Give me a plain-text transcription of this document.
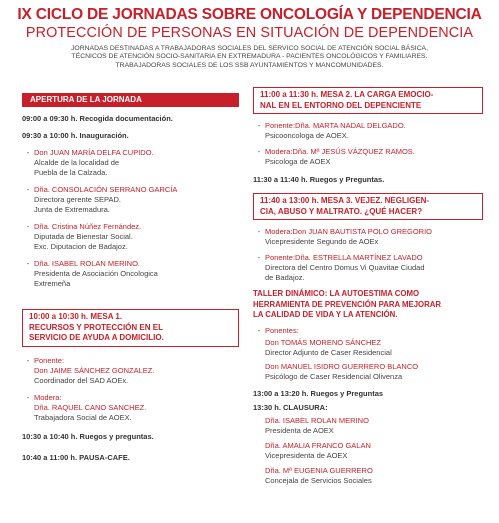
IX CICLO DE JORNADAS SOBRE ONCOLOGÍA Y DEPENDENCIA
PROTECCIÓN DE PERSONAS EN SITUACIÓN DE DEPENDENCIA
JORNADAS DESTINADAS A TRABAJADORAS SOCIALES DEL SERVICO SOCIAL DE ATENCIÓN SOCIAL BÁSICA,
TÉCNICOS DE ATENCIÓN SOCIO-SANITARIA EN EXTREMADURA - PACIENTES ONCOLÓGICOS Y FAMILIARES.
TRABAJADORAS SOCIALES DE LOS SSB AYUNTAMIENTOS Y MANCOMUNIDADES.
APERTURA DE LA JORNADA
09:00 a 09:30 h. Recogida documentación.
09:30 a 10:00 h. Inauguración.
- Don JUAN MARÍA DELFA CUPIDO.
Alcalde de la localidad de
Puebla de la Calzada.
- Dña. CONSOLACIÓN SERRANO GARCÍA
Directora gerente SEPAD.
Junta de Extremadura.
- Dña. Cristina Núñez Fernández.
Diputada de Bienestar Social.
Exc. Diputacion de Badajoz.
- Dña. ISABEL ROLAN MERINO.
Presidenta de Asociación Oncologica
Extremeña
10:00 a 10:30 h. MESA 1.
RECURSOS Y PROTECCIÓN EN EL
SERVICIO DE AYUDA A DOMICILIO.
- Ponente:
Don JAIME SÁNCHEZ GONZALEZ.
Coordinador del SAD AOEx.
- Modera:
Dña. RAQUEL CANO SANCHEZ.
Trabajadora Social de AOEX.
10:30 a 10:40 h. Ruegos y preguntas.
10:40 a 11:00 h. PAUSA-CAFE.
11:00 a 11:30 h. MESA 2. LA CARGA EMOCIO-
NAL EN EL ENTORNO DEL DEPENCIENTE
- Ponente: Dña. MARTA NADAL DELGADO.
Psicooncologa de AOEX.
- Modera: Dña. Mª JESÚS VÁZQUEZ RAMOS.
Psicologa de AOEX
11:30 a 11:40 h. Ruegos y Preguntas.
11:40 a 13:00 h. MESA 3. VEJEZ. NEGLIGEN-
CIA, ABUSO Y MALTRATO. ¿QUÉ HACER?
- Modera: Don JUAN BAUTISTA POLO GREGORIO
Vicepresidente Segundo de AOEx
- Ponente: Dña. ESTRELLA MARTÍNEZ LAVADO
Directora del Centro Domus Vi Quavitae Ciudad
de Badajoz.
TALLER DINÁMICO: LA AUTOESTIMA COMO
HERRAMIENTA DE PREVENCIÓN PARA MEJORAR
LA CALIDAD DE VIDA Y LA ATENCIÓN.
- Ponentes:
Don TOMÁS MORENO SÁNCHEZ
Director Adjunto de Caser Residencial
Don MANUEL ISIDRO GUERRERO BLANCO
Psicólogo de Caser Residencial Olivenza
13:00 a 13:20 h. Ruegos y Preguntas
13:30 h. CLAUSURA:
Dña. ISABEL ROLAN MERINO
Presidenta de AOEX
Dña. AMALIA FRANCO GALAN
Vicepresidenta de AOEX
Dña. Mª EUGENIA GUERRERO
Concejala de Servicios Sociales
